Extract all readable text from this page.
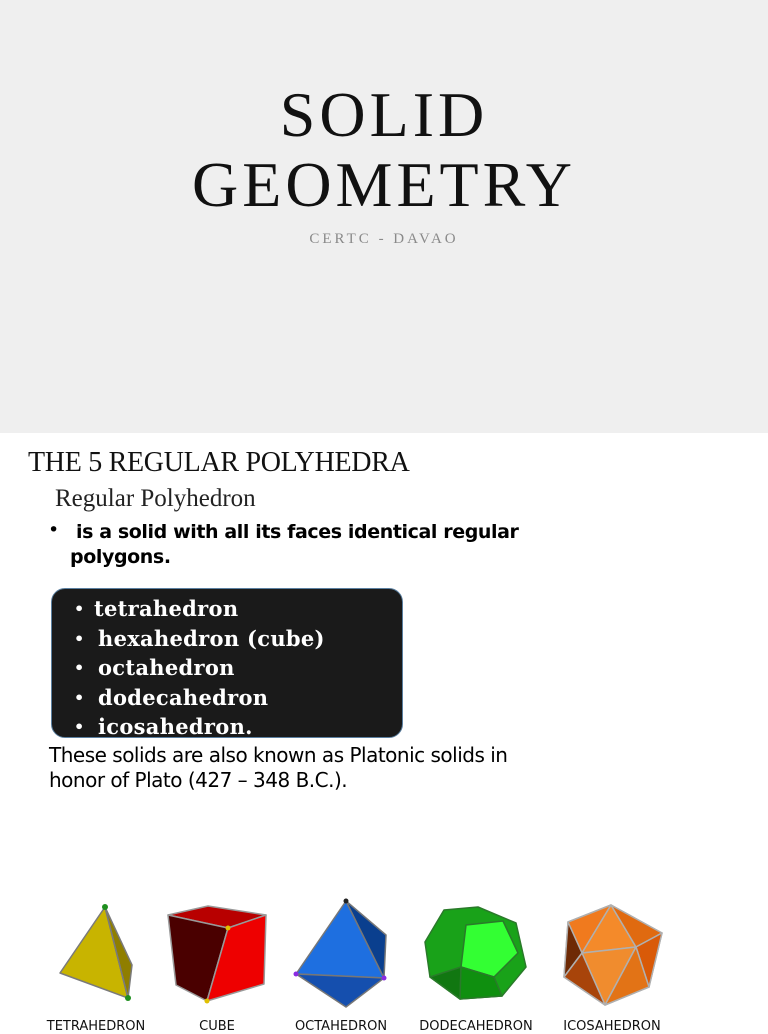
SOLID
GEOMETRY
CERTC - DAVAO
THE 5 REGULAR POLYHEDRA
Regular Polyhedron
• is a solid with all its faces identical regular
polygons.
• tetrahedron
• hexahedron (cube)
• octahedron
• dodecahedron
• icosahedron.
These solids are also known as Platonic solids in
honor of Plato (427 – 348 B.C.).
TETRAHEDRON	CUBE	OCTAHEDRON DODECAHEDRON ICOSAHEDRON
